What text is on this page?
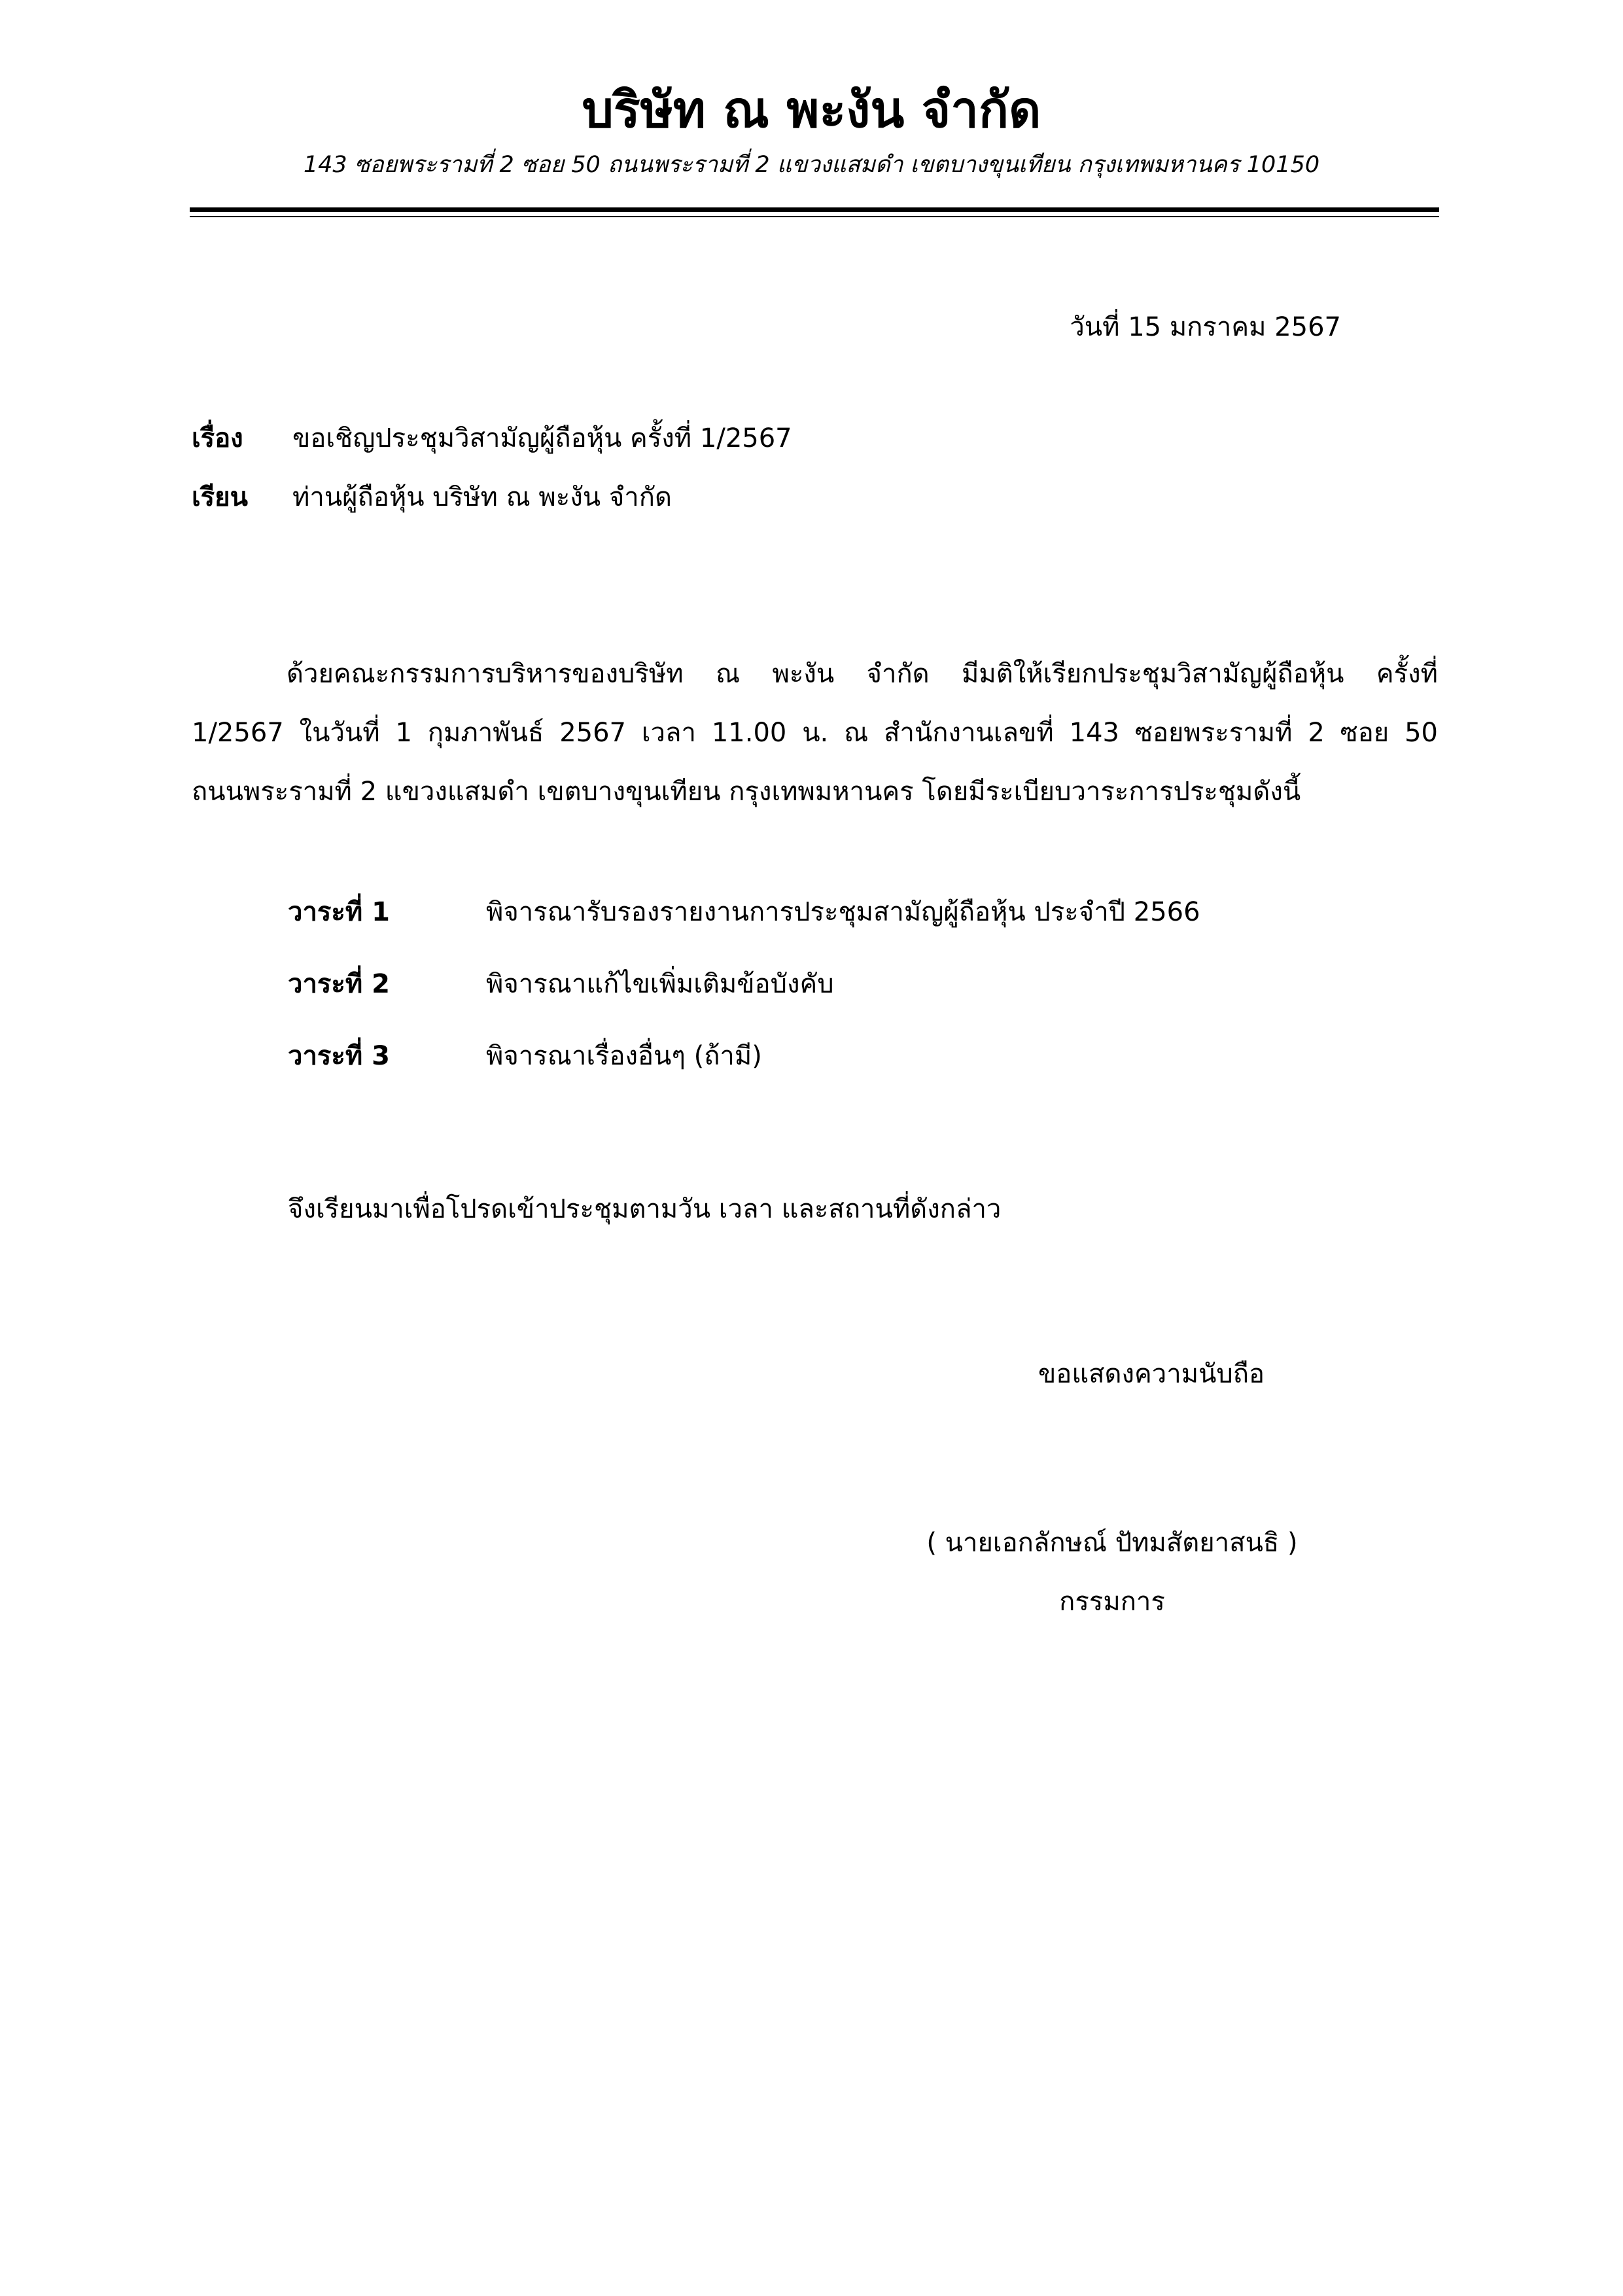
บริษัท ณ พะงัน จำกัด
143 ซอยพระรามที่ 2 ซอย 50 ถนนพระรามที่ 2 แขวงแสมดำ เขตบางขุนเทียน กรุงเทพมหานคร 10150
วันที่ 15 มกราคม 2567
เรื่อง ขอเชิญประชุมวิสามัญผู้ถือหุ้น ครั้งที่ 1/2567
เรียน ท่านผู้ถือหุ้น บริษัท ณ พะงัน จำกัด
ด้วยคณะกรรมการบริหารของบริษัท ณ พะงัน จำกัด มีมติให้เรียกประชุมวิสามัญผู้ถือหุ้น ครั้งที่
1/2567 ในวันที่ 1 กุมภาพันธ์ 2567 เวลา 11.00 น. ณ สำนักงานเลขที่ 143 ซอยพระรามที่ 2 ซอย 50
ถนนพระรามที่ 2 แขวงแสมดำ เขตบางขุนเทียน กรุงเทพมหานคร โดยมีระเบียบวาระการประชุมดังนี้
วาระที่ 1	พิจารณารับรองรายงานการประชุมสามัญผู้ถือหุ้น ประจำปี 2566
วาระที่ 2	พิจารณาแก้ไขเพิ่มเติมข้อบังคับ
วาระที่ 3	พิจารณาเรื่องอื่นๆ (ถ้ามี)
จึงเรียนมาเพื่อโปรดเข้าประชุมตามวัน เวลา และสถานที่ดังกล่าว
ขอแสดงความนับถือ
( นายเอกลักษณ์ ปัทมสัตยาสนธิ )
กรรมการ
